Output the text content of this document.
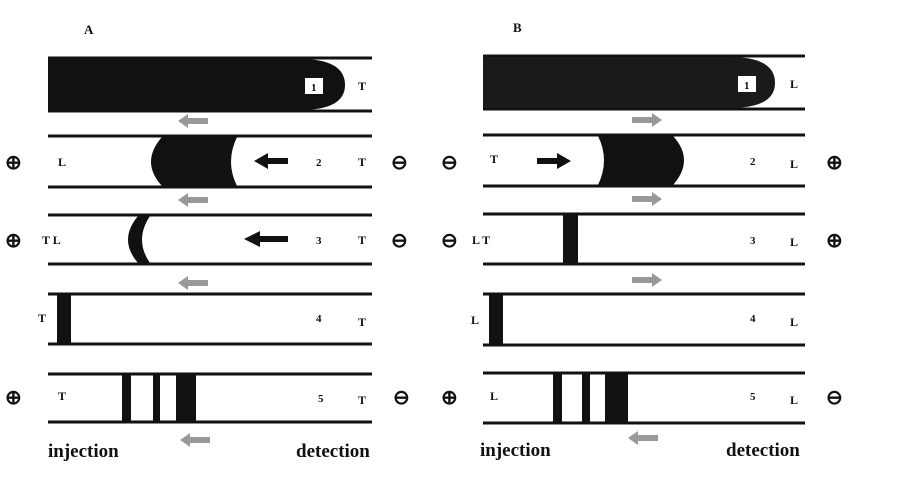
A
1	T
L	2	T
⊕	⊖
T L	3	T
⊕	⊖
T	4	T
T	5	T
⊕	⊖
injection	detection
B
1	L
T	2	L
⊖	⊕
L T	3	L
⊖	⊕
L	4	L
L	5	L
⊕	⊖
injection	detection
